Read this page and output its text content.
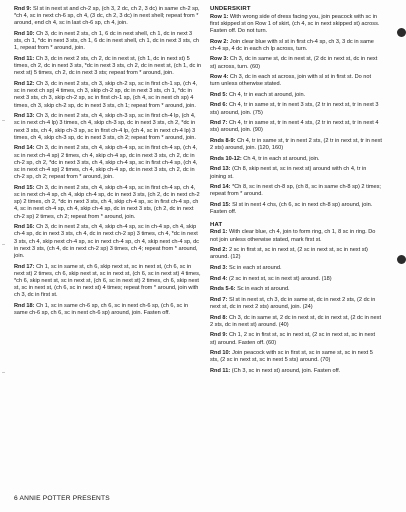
Rnd 9: Sl st in next st and ch-2 sp, (ch 3, 2 dc, ch 2, 3 dc) in same ch-2 sp, *ch 4, sc in next ch-6 sp, ch 4, (3 dc, ch 2, 3 dc) in next shell; repeat from * around, end ch 4, sc in last ch-6 sp, ch 4, join.

Rnd 10: Ch 3, dc in next 2 sts, ch 1, 6 dc in next shell, ch 1, dc in next 3 sts, ch 1, *dc in next 3 sts, ch 1, 6 dc in next shell, ch 1, dc in next 3 sts, ch 1, repeat from * around, join.

Rnd 11: Ch 3, dc in next 2 sts, ch 2, dc in next st, (ch 1, dc in next st) 5 times, ch 2, dc in next 3 sts, *dc in next 3 sts, ch 2, dc in next st, (ch 1, dc in next st) 5 times, ch 2, dc in next 3 sts; repeat from * around, join.

Rnd 12: Ch 3, dc in next 2 sts, ch 3, skip ch-2 sp, sc in first ch-1 sp, (ch 4, sc in next ch sp) 4 times, ch 3, skip ch-2 sp, dc in next 3 sts, ch 1, *dc in next 3 sts, ch 3, skip ch-2 sp, sc in first ch-1 sp, (ch 4, sc in next ch sp) 4 times, ch 3, skip ch-2 sp, dc in next 3 sts, ch 1; repeat from * around, join.

Rnd 13: Ch 3, dc in next 2 sts, ch 4, skip ch-3 sp, sc in first ch-4 lp, (ch 4, sc in next ch-4 lp) 3 times, ch 4, skip ch-3 sp, dc in next 3 sts, ch 2, *dc in next 3 sts, ch 4, skip ch-3 sp, sc in first ch-4 lp, (ch 4, sc in next ch-4 lp) 3 times, ch 4, skip ch-3 sp, dc in next 3 sts, ch 2; repeat from * around, join.

Rnd 14: Ch 3, dc in next 2 sts, ch 4, skip ch-4 sp, sc in first ch-4 sp, (ch 4, sc in next ch-4 sp) 2 times, ch 4, skip ch-4 sp, dc in next 3 sts, ch 2, dc in ch-2 sp, ch 2, *dc in next 3 sts, ch 4, skip ch-4 sp, sc in first ch-4 sp, (ch 4, sc in next ch-4 sp) 2 times, ch 4, skip ch-4 sp, dc in next 3 sts, ch 2, dc in ch-2 sp, ch 2; repeat from * around, join.

Rnd 15: Ch 3, dc in next 2 sts, ch 4, skip ch-4 sp, sc in first ch-4 sp, ch 4, sc in next ch-4 sp, ch 4, skip ch-4 sp, dc in next 3 sts, (ch 2, dc in next ch-2 sp) 2 times, ch 2, *dc in next 3 sts, ch 4, skip ch-4 sp, sc in first ch-4 sp, ch 4, sc in next ch-4 sp, ch 4, skip ch-4 sp, dc in next 3 sts, (ch 2, dc in next ch-2 sp) 2 times, ch 2; repeat from * around, join.

Rnd 16: Ch 3, dc in next 2 sts, ch 4, skip ch-4 sp, sc in ch-4 sp, ch 4, skip ch-4 sp, dc in next 3 sts, ch 4, dc in next ch-2 sp) 3 times, ch 4, *dc in next 3 sts, ch 4, skip next ch-4 sp, sc in next ch-4 sp, ch 4, skip next ch-4 sp, dc in next 3 sts, (ch 4, dc in next ch-2 sp) 3 times, ch 4; repeat from * around, join.

Rnd 17: Ch 1, sc in same st, ch 6, skip next st, sc in next st, (ch 6, sc in next st) 2 times, ch 6, skip next st, sc in next st, (ch 6, sc in next st) 4 times, *ch 6, skip next st, sc in next st, (ch 6, sc in next st) 2 times, ch 6, skip next st, sc in next st, (ch 6, sc in next st) 4 times; repeat from * around, join with ch 3, dc in first st.

Rnd 18: Ch 1, sc in same ch-6 sp, ch 6, sc in next ch-6 sp, (ch 6, sc in same ch-6 sp, ch 6, sc in next ch-6 sp) around, join. Fasten off.

UNDERSKIRT

Row 1: With wrong side of dress facing you, join peacock with sc in first skipped st on Row 1 of skirt, (ch 4, sc in next skipped st) across. Fasten off. Do not turn.

Row 2: Join clear blue with sl st in first ch-4 sp, ch 3, 3 dc in same ch-4 sp, 4 dc in each ch lp across, turn.

Row 3: Ch 3, dc in same st, dc in next st, (2 dc in next st, dc in next st) across, turn. (60)

Row 4: Ch 3, dc in each st across, join with sl st in first st. Do not turn unless otherwise stated.

Rnd 5: Ch 4, tr in each st around, join.

Rnd 6: Ch 4, tr in same st, tr in next 3 sts, (2 tr in next st, tr in next 3 sts) around, join. (75)

Rnd 7: Ch 4, tr in same st, tr in next 4 sts, (2 tr in next st, tr in next 4 sts) around, join. (90)

Rnds 8-9: Ch 4, tr in same st, tr in next 2 sts, (2 tr in next st, tr in next 2 sts) around, join. (120, 160)

Rnds 10-12: Ch 4, tr in each st around, join.

Rnd 13: (Ch 8, skip next st, sc in next st) around with ch 4, tr in joining st.

Rnd 14: *Ch 8, sc in next ch-8 sp, (ch 8, sc in same ch-8 sp) 2 times; repeat from * around.

Rnd 15: Sl st in next 4 chs, (ch 6, sc in next ch-8 sp) around, join. Fasten off.

HAT

Rnd 1: With clear blue, ch 4, join to form ring, ch 1, 8 sc in ring. Do not join unless otherwise stated, mark first st.

Rnd 2: 2 sc in first st, sc in next st, (2 sc in next st, sc in next st) around. (12)

Rnd 3: Sc in each st around.

Rnd 4: (2 sc in next st, sc in next st) around. (18)

Rnds 5-6: Sc in each st around.

Rnd 7: Sl st in next st, ch 3, dc in same st, dc in next 2 sts, (2 dc in next st, dc in next 2 sts) around, join. (24)

Rnd 8: Ch 3, dc in same st, 2 dc in next st, dc in next st, (2 dc in next 2 sts, dc in next st) around. (40)

Rnd 9: Ch 1, 2 sc in first st, sc in next st, (2 sc in next st, sc in next st) around. Fasten off. (60)

Rnd 10: Join peacock with sc in first st, sc in same st, sc in next 5 sts, (2 sc in next st, sc in next 5 sts) around. (70)

Rnd 11: (Ch 3, sc in next st) around, join. Fasten off.

6 ANNIE POTTER PRESENTS
